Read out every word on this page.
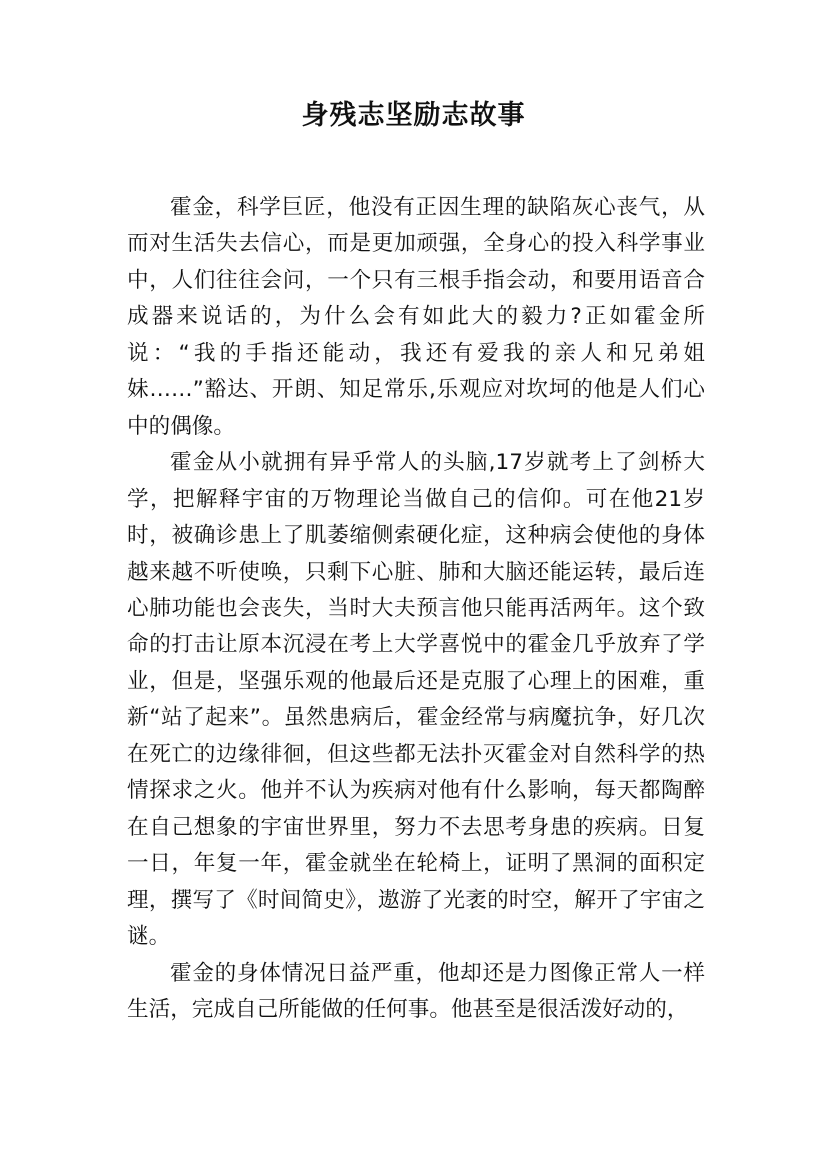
身残志坚励志故事

霍金，科学巨匠，他没有正因生理的缺陷灰心丧气，从而对生活失去信心，而是更加顽强，全身心的投入科学事业中，人们往往会问，一个只有三根手指会动，和要用语音合成器来说话的，为什么会有如此大的毅力?正如霍金所说：“我的手指还能动，我还有爱我的亲人和兄弟姐妹……”豁达、开朗、知足常乐,乐观应对坎坷的他是人们心中的偶像。

霍金从小就拥有异乎常人的头脑,17岁就考上了剑桥大学，把解释宇宙的万物理论当做自己的信仰。可在他21岁时，被确诊患上了肌萎缩侧索硬化症，这种病会使他的身体越来越不听使唤，只剩下心脏、肺和大脑还能运转，最后连心肺功能也会丧失，当时大夫预言他只能再活两年。这个致命的打击让原本沉浸在考上大学喜悦中的霍金几乎放弃了学业，但是，坚强乐观的他最后还是克服了心理上的困难，重新“站了起来”。虽然患病后，霍金经常与病魔抗争，好几次在死亡的边缘徘徊，但这些都无法扑灭霍金对自然科学的热情探求之火。他并不认为疾病对他有什么影响，每天都陶醉在自己想象的宇宙世界里，努力不去思考身患的疾病。日复一日，年复一年，霍金就坐在轮椅上，证明了黑洞的面积定理，撰写了《时间简史》，遨游了光袤的时空，解开了宇宙之谜。

霍金的身体情况日益严重，他却还是力图像正常人一样生活，完成自己所能做的任何事。他甚至是很活泼好动的，
